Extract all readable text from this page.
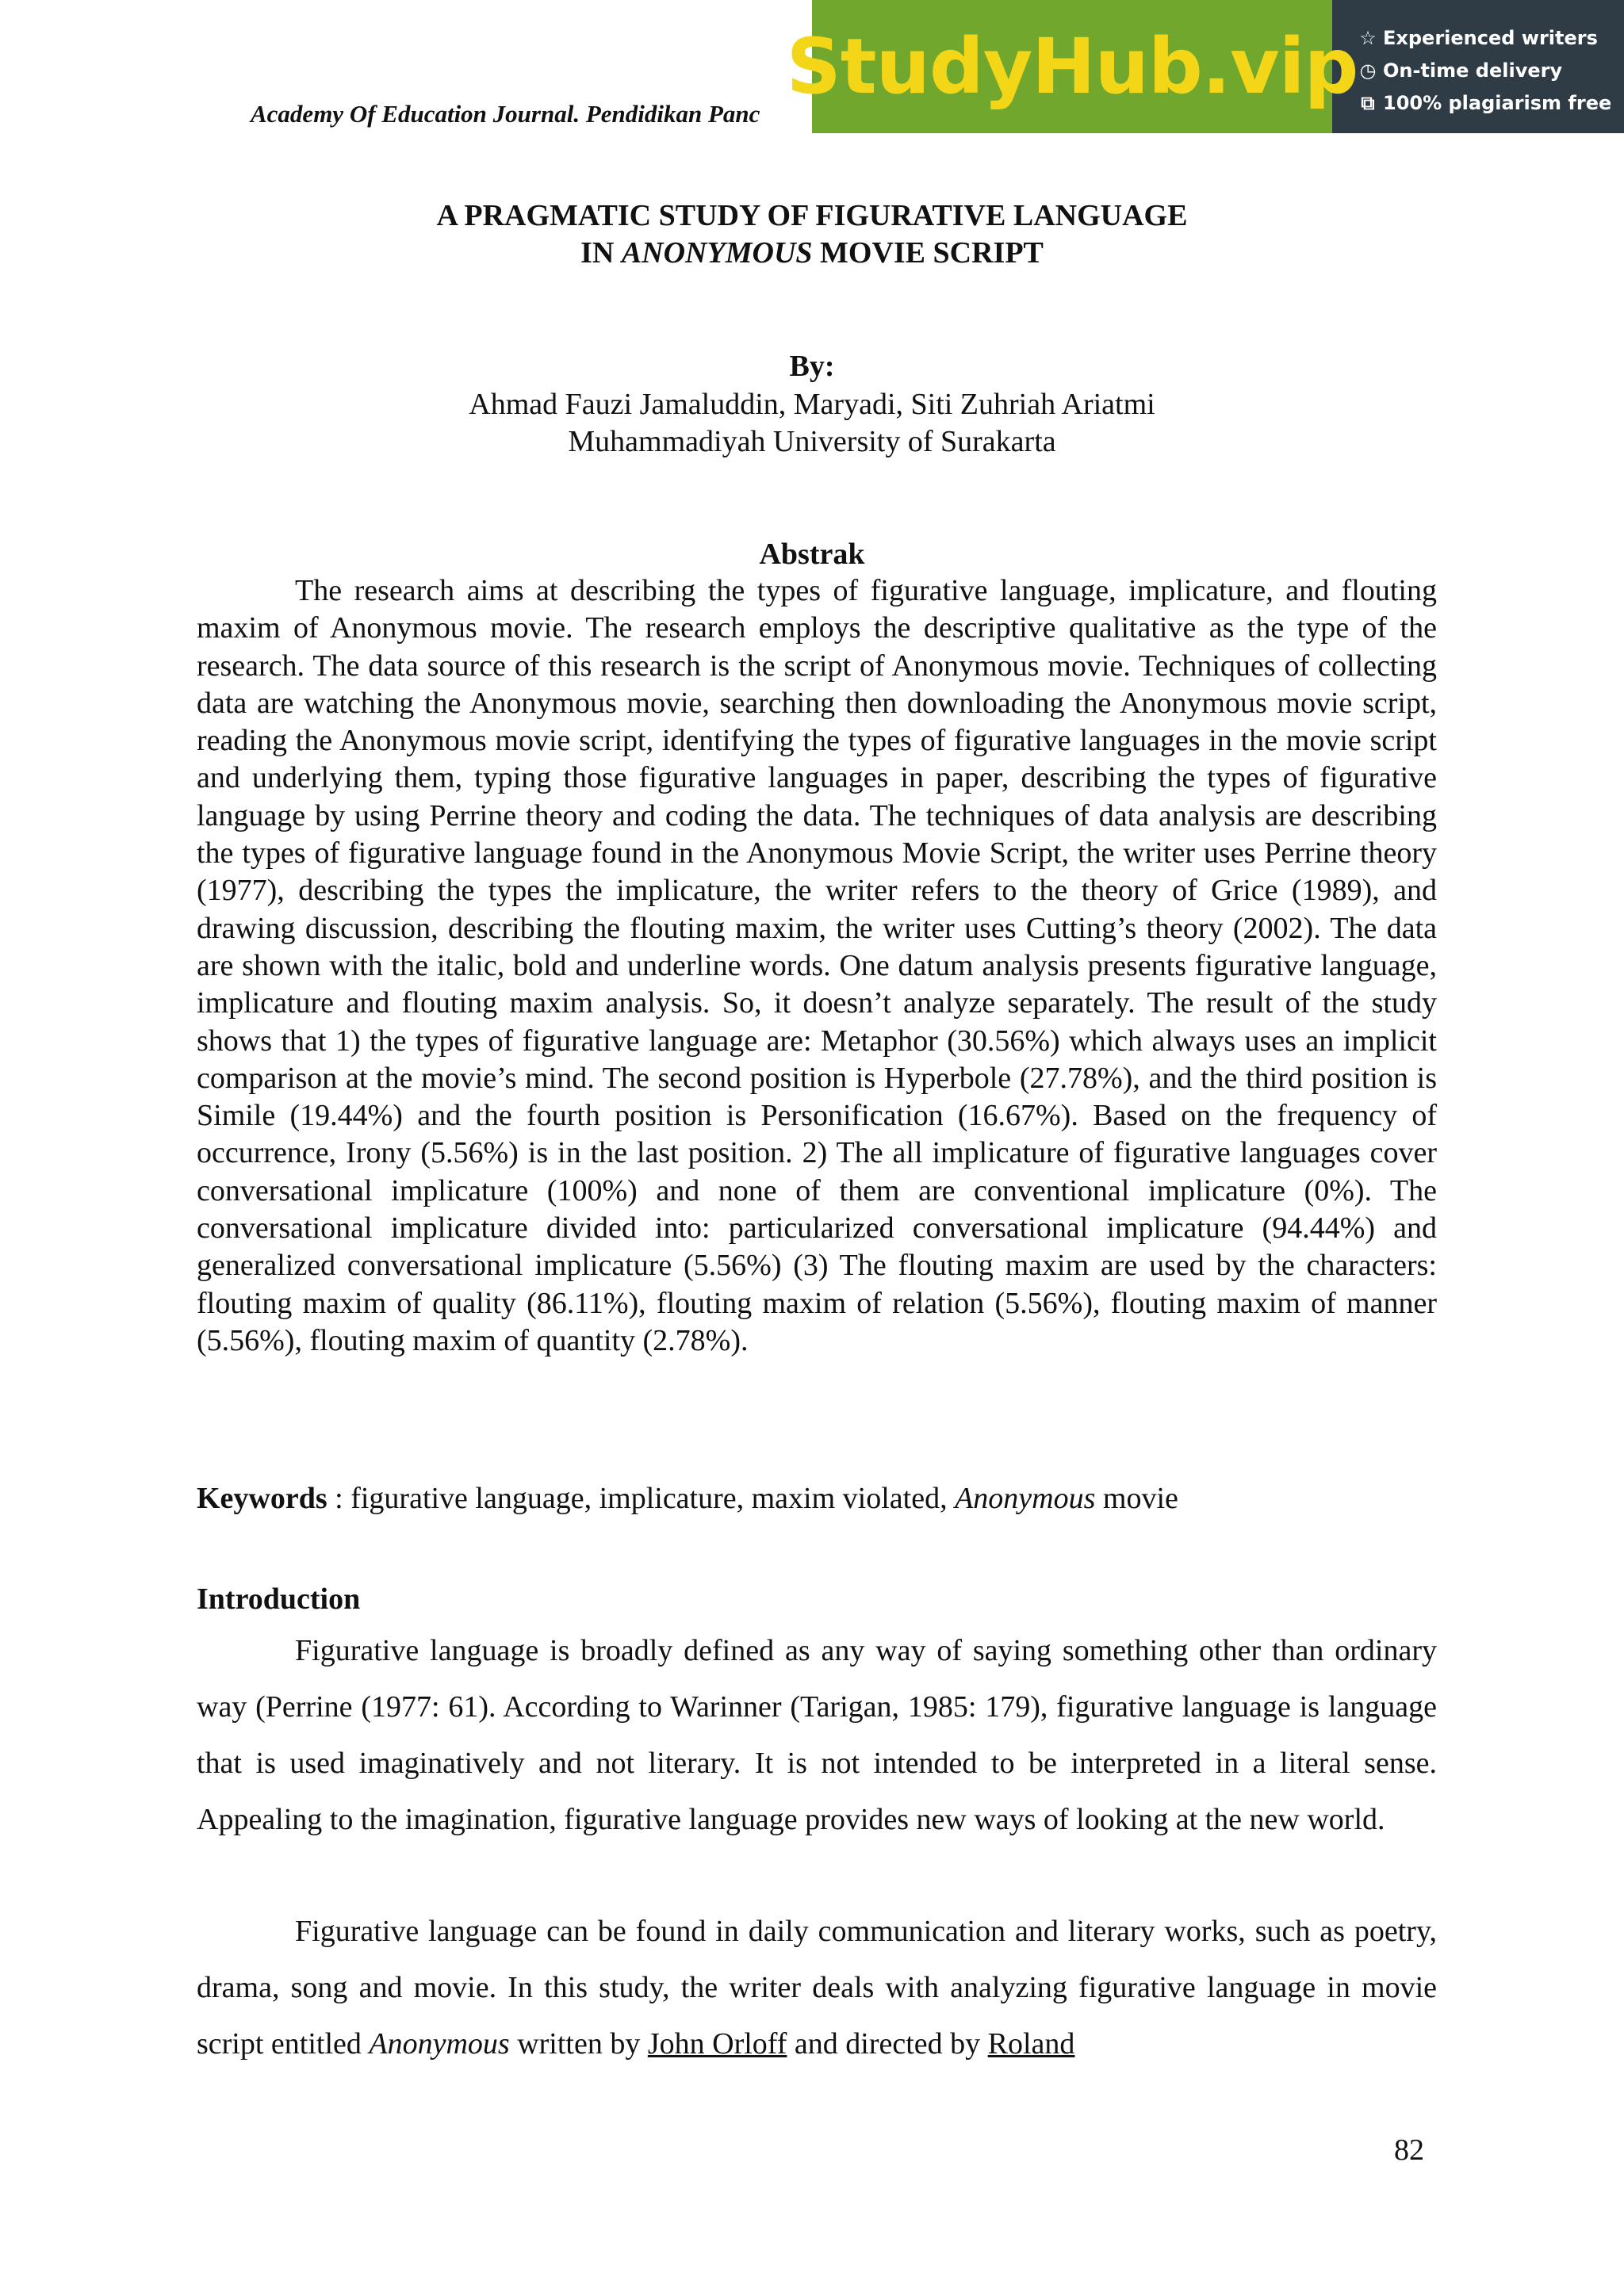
Academy Of Education Journal. Pendidikan Panc
StudyHub.vip ☆ Experienced writers
◷ On-time delivery
⧉ 100% plagiarism free
A PRAGMATIC STUDY OF FIGURATIVE LANGUAGE
IN ANONYMOUS MOVIE SCRIPT
By:
Ahmad Fauzi Jamaluddin, Maryadi, Siti Zuhriah Ariatmi
Muhammadiyah University of Surakarta
Abstrak

The research aims at describing the types of figurative language, implicature, and flouting maxim of Anonymous movie. The research employs the descriptive qualitative as the type of the research. The data source of this research is the script of Anonymous movie. Techniques of collecting data are watching the Anonymous movie, searching then downloading the Anonymous movie script, reading the Anonymous movie script, identifying the types of figurative languages in the movie script and underlying them, typing those figurative languages in paper, describing the types of figurative language by using Perrine theory and coding the data. The techniques of data analysis are describing the types of figurative language found in the Anonymous Movie Script, the writer uses Perrine theory (1977), describing the types the implicature, the writer refers to the theory of Grice (1989), and drawing discussion, describing the flouting maxim, the writer uses Cutting’s theory (2002). The data are shown with the italic, bold and underline words. One datum analysis presents figurative language, implicature and flouting maxim analysis. So, it doesn’t analyze separately. The result of the study shows that 1) the types of figurative language are: Metaphor (30.56%) which always uses an implicit comparison at the movie’s mind. The second position is Hyperbole (27.78%), and the third position is Simile (19.44%) and the fourth position is Personification (16.67%). Based on the frequency of occurrence, Irony (5.56%) is in the last position. 2) The all implicature of figurative languages cover conversational implicature (100%) and none of them are conventional implicature (0%). The conversational implicature divided into: particularized conversational implicature (94.44%) and generalized conversational implicature (5.56%) (3) The flouting maxim are used by the characters: flouting maxim of quality (86.11%), flouting maxim of relation (5.56%), flouting maxim of manner (5.56%), flouting maxim of quantity (2.78%).

Keywords : figurative language, implicature, maxim violated, Anonymous movie
Introduction

Figurative language is broadly defined as any way of saying something other than ordinary way (Perrine (1977: 61). According to Warinner (Tarigan, 1985: 179), figurative language is language that is used imaginatively and not literary. It is not intended to be interpreted in a literal sense. Appealing to the imagination, figurative language provides new ways of looking at the new world.

Figurative language can be found in daily communication and literary works, such as poetry, drama, song and movie. In this study, the writer deals with analyzing figurative language in movie script entitled Anonymous written by John Orloff and directed by Roland

82
